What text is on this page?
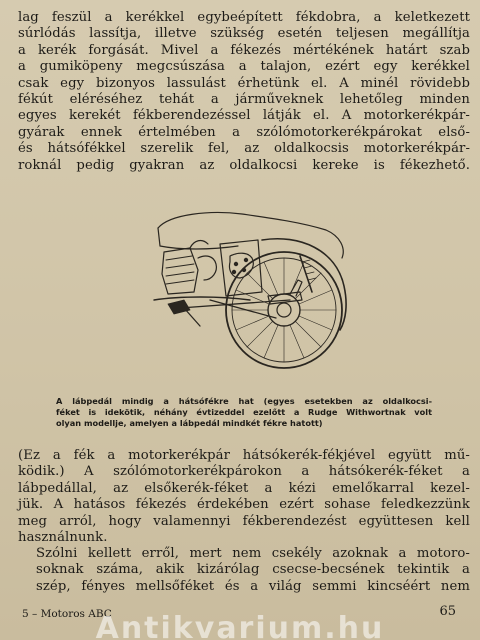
lag feszül a kerékkel egybeépített fékdobra, a keletkezett
súrlódás lassítja, illetve szükség esetén teljesen megállítja
a kerék forgását. Mivel a fékezés mértékének határt szab
a gumiköpeny megcsúszása a talajon, ezért egy kerékkel
csak egy bizonyos lassulást érhetünk el. A minél rövidebb
fékút eléréséhez tehát a járműveknek lehetőleg minden
egyes kerekét fékberendezéssel látják el. A motorkerékpár-
gyárak ennek értelmében a szólómotorkerékpárokat első-
és hátsófékkel szerelik fel, az oldalkocsis motorkerékpár-
roknál pedig gyakran az oldalkocsi kereke is fékezhető.
A lábpedál mindig a hátsófékre hat (egyes esetekben az oldalkocsi-
féket is idekötik, néhány évtizeddel ezelőtt a Rudge Withwortnak volt
olyan modellje, amelyen a lábpedál mindkét fékre hatott)
(Ez a fék a motorkerékpár hátsókerék-fékjével együtt mű-
ködik.) A szólómotorkerékpárokon a hátsókerék-féket a
lábpedállal, az elsőkerék-féket a kézi emelőkarral kezel-
jük. A hatásos fékezés érdekében ezért sohase feledkezzünk
meg arról, hogy valamennyi fékberendezést együttesen kell
használnunk.
Szólni kellett erről, mert nem csekély azoknak a motoro-
soknak száma, akik kizárólag csecse-becsének tekintik a
szép, fényes mellsőféket és a világ semmi kincséért nem
5 – Motoros ABC	65
Antikvarium.hu
